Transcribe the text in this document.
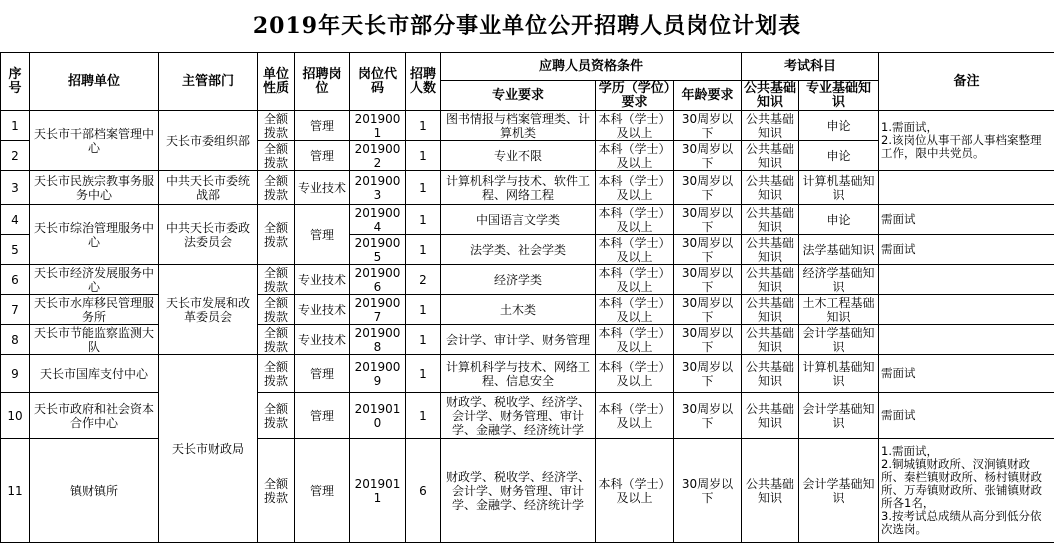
2019年天长市部分事业单位公开招聘人员岗位计划表
序号	招聘单位	主管部门	单位性质	招聘岗位	岗位代码	招聘人数	应聘人员资格条件			考试科目		备注
							专业要求	学历（学位）要求	年龄要求	公共基础知识	专业基础知识	
1	天长市干部档案管理中心	天长市委组织部	全额拨款	管理	2019001	1	图书情报与档案管理类、计算机类	本科（学士）及以上	30周岁以下	公共基础知识	申论	1.需面试，
2.该岗位从事干部人事档案整理工作，限中共党员。
2			全额拨款	管理	2019002	1	专业不限	本科（学士）及以上	30周岁以下	公共基础知识	申论	
3	天长市民族宗教事务服务中心	中共天长市委统战部	全额拨款	专业技术	2019003	1	计算机科学与技术、软件工程、网络工程	本科（学士）及以上	30周岁以下	公共基础知识	计算机基础知识	
4	天长市综治管理服务中心	中共天长市委政法委员会	全额拨款	管理	2019004	1	中国语言文学类	本科（学士）及以上	30周岁以下	公共基础知识	申论	需面试
5					2019005	1	法学类、社会学类	本科（学士）及以上	30周岁以下	公共基础知识	法学基础知识	需面试
6	天长市经济发展服务中心	天长市发展和改革委员会	全额拨款	专业技术	2019006	2	经济学类	本科（学士）及以上	30周岁以下	公共基础知识	经济学基础知识	
7	天长市水库移民管理服务所		全额拨款	专业技术	2019007	1	土木类	本科（学士）及以上	30周岁以下	公共基础知识	土木工程基础知识	
8	天长市节能监察监测大队		全额拨款	专业技术	2019008	1	会计学、审计学、财务管理	本科（学士）及以上	30周岁以下	公共基础知识	会计学基础知识	
9	天长市国库支付中心	天长市财政局	全额拨款	管理	2019009	1	计算机科学与技术、网络工程、信息安全	本科（学士）及以上	30周岁以下	公共基础知识	计算机基础知识	需面试
10	天长市政府和社会资本合作中心		全额拨款	管理	2019010	1	财政学、税收学、经济学、会计学、财务管理、审计学、金融学、经济统计学	本科（学士）及以上	30周岁以下	公共基础知识	会计学基础知识	需面试
11	镇财镇所		全额拨款	管理	2019011	6	财政学、税收学、经济学、会计学、财务管理、审计学、金融学、经济统计学	本科（学士）及以上	30周岁以下	公共基础知识	会计学基础知识	1.需面试，
2.铜城镇财政所、汊涧镇财政所、秦栏镇财政所、杨村镇财政所、万寿镇财政所、张铺镇财政所各1名，
3.按考试总成绩从高分到低分依次选岗。
